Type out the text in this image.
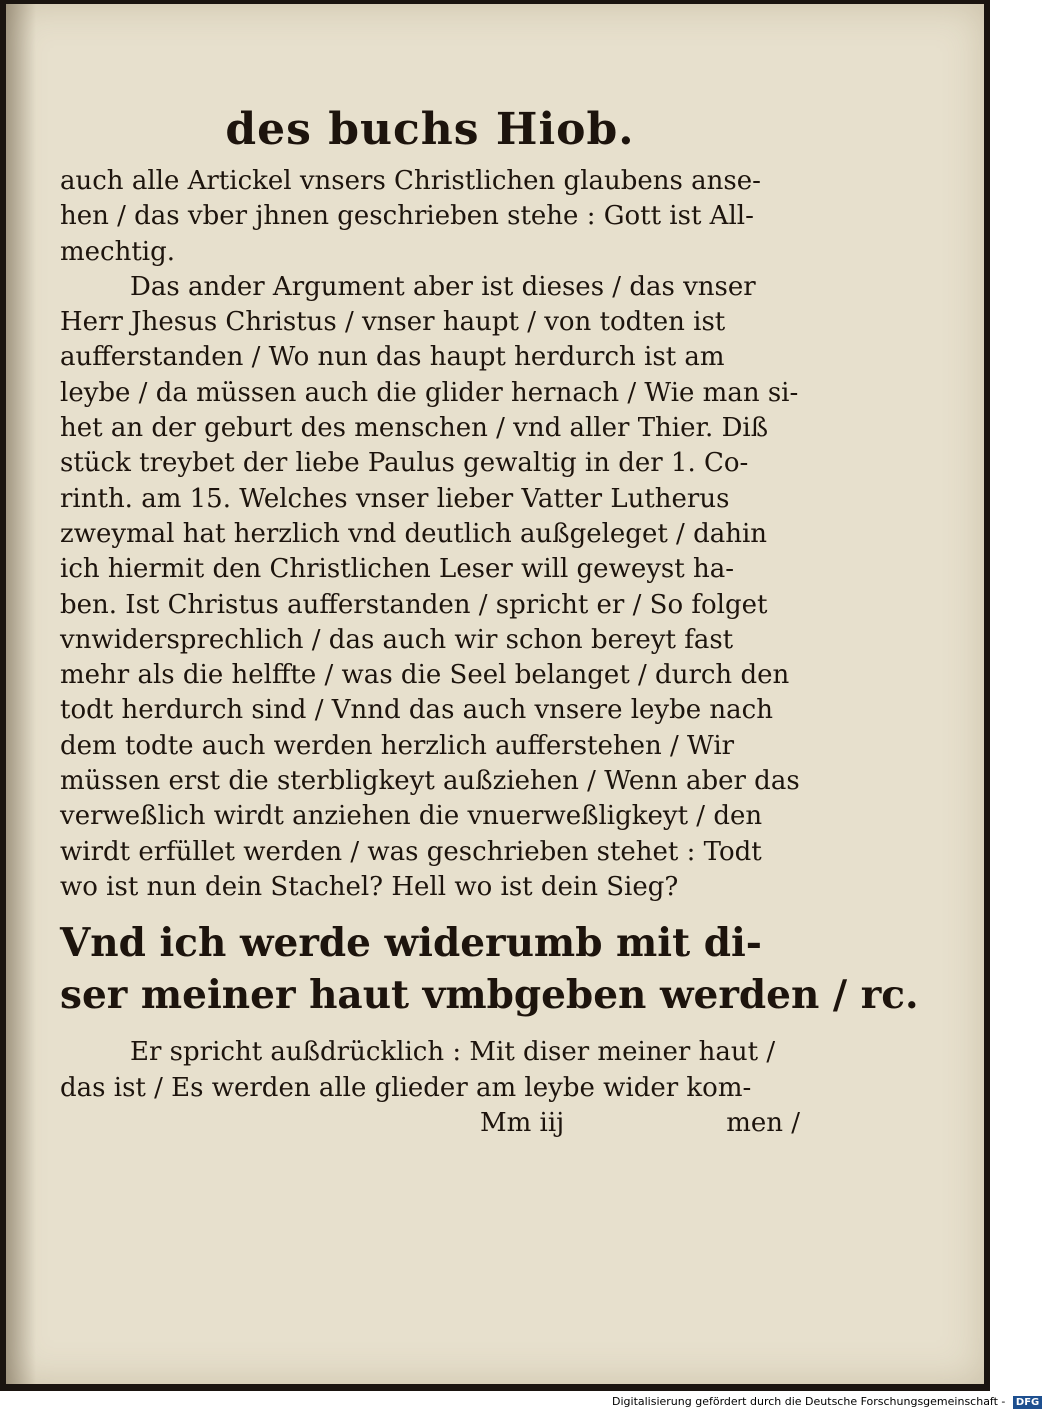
des buchs Hiob.
auch alle Artickel vnsers Christlichen glaubens anse-
hen / das vber jhnen geschrieben stehe : Gott ist All-
mechtig.
Das ander Argument aber ist dieses / das vnser
Herr Jhesus Christus / vnser haupt / von todten ist
aufferstanden / Wo nun das haupt herdurch ist am
leybe / da müssen auch die glider hernach / Wie man si-
het an der geburt des menschen / vnd aller Thier. Diß
stück treybet der liebe Paulus gewaltig in der 1. Co-
rinth. am 15. Welches vnser lieber Vatter Lutherus
zweymal hat herzlich vnd deutlich außgeleget / dahin
ich hiermit den Christlichen Leser will geweyst ha-
ben. Ist Christus aufferstanden / spricht er / So folget
vnwidersprechlich / das auch wir schon bereyt fast
mehr als die helffte / was die Seel belanget / durch den
todt herdurch sind / Vnnd das auch vnsere leybe nach
dem todte auch werden herzlich aufferstehen / Wir
müssen erst die sterbligkeyt außziehen / Wenn aber das
verweßlich wirdt anziehen die vnuerweßligkeyt / den
wirdt erfüllet werden / was geschrieben stehet : Todt
wo ist nun dein Stachel? Hell wo ist dein Sieg?
Vnd ich werde widerumb mit di-
ser meiner haut vmbgeben werden / rc.
Er spricht außdrücklich : Mit diser meiner haut /
das ist / Es werden alle glieder am leybe wider kom-
Mm iij	men /
Digitalisierung gefördert durch die Deutsche Forschungsgemeinschaft - DFG
